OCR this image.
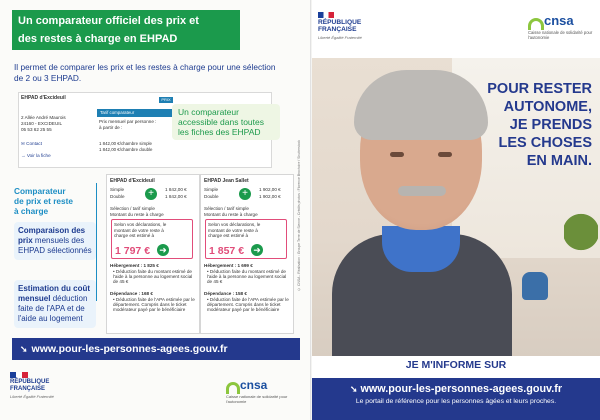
Un comparateur officiel des prix et
des restes à charge en EHPAD
Il permet de comparer les prix et les restes à charge pour une sélection
de 2 ou 3 EHPAD.
EHPAD d'Excideuil
2 Allée André Maurois
24160 - EXCIDEUIL
05 53 62 25 55
✉ Contact
→ Voir la fiche
PRIX
Tarif comparateur
Prix mensuel par personne :
à partir de :
1 842,00 €/chambre simple
1 842,00 €/chambre double
Un comparateur
accessible dans toutes
les fiches des EHPAD
Comparateur
de prix et reste
à charge
Comparaison des prix mensuels des EHPAD sélectionnés
Estimation du coût mensuel déduction faite de l'APA et de l'aide au logement
EHPAD d'Excideuil
Simple
Double	+	1 842,00 €
1 842,00 €
Sélection / tarif simple
Montant du reste à charge
Selon vos déclarations, le
montant de votre reste à
charge est estimé à
1 797 € ➜
Hébergement : 1 825 €
• Déduction faite du montant estimé de l'aide à la personne au logement social de 45 €
Dépendance : 168 €
• Déduction faite de l'APA estimée par le département. Compris dans le ticket modérateur payé par le bénéficiaire
EHPAD Jean Sallet
Simple
Double	+	1 902,00 €
1 902,00 €
Sélection / tarif simple
Montant du reste à charge
Selon vos déclarations, le
montant de votre reste à
charge est estimé à
1 857 € ➜
Hébergement : 1 699 €
• Déduction faite du montant estimé de l'aide à la personne au logement social de 45 €
Dépendance : 158 €
• Déduction faite de l'APA estimée par le département. Compris dans le ticket modérateur payé par le bénéficiaire
➘ www.pour-les-personnes-agees.gouv.fr
RÉPUBLIQUE
FRANÇAISE
Liberté Égalité Fraternité
cnsa
Caisse nationale de solidarité pour l'autonomie
© CNSA - Réalisation : Groupe Terre de Sienne - Crédits photos : Florence Brochoire / Shutterstock
RÉPUBLIQUE
FRANÇAISE
Liberté Égalité Fraternité
cnsa
Caisse nationale de solidarité pour l'autonomie
POUR RESTER
AUTONOME,
JE PRENDS
LES CHOSES
EN MAIN.
JE M'INFORME SUR
➘ www.pour-les-personnes-agees.gouv.fr
Le portail de référence pour les personnes âgées et leurs proches.
